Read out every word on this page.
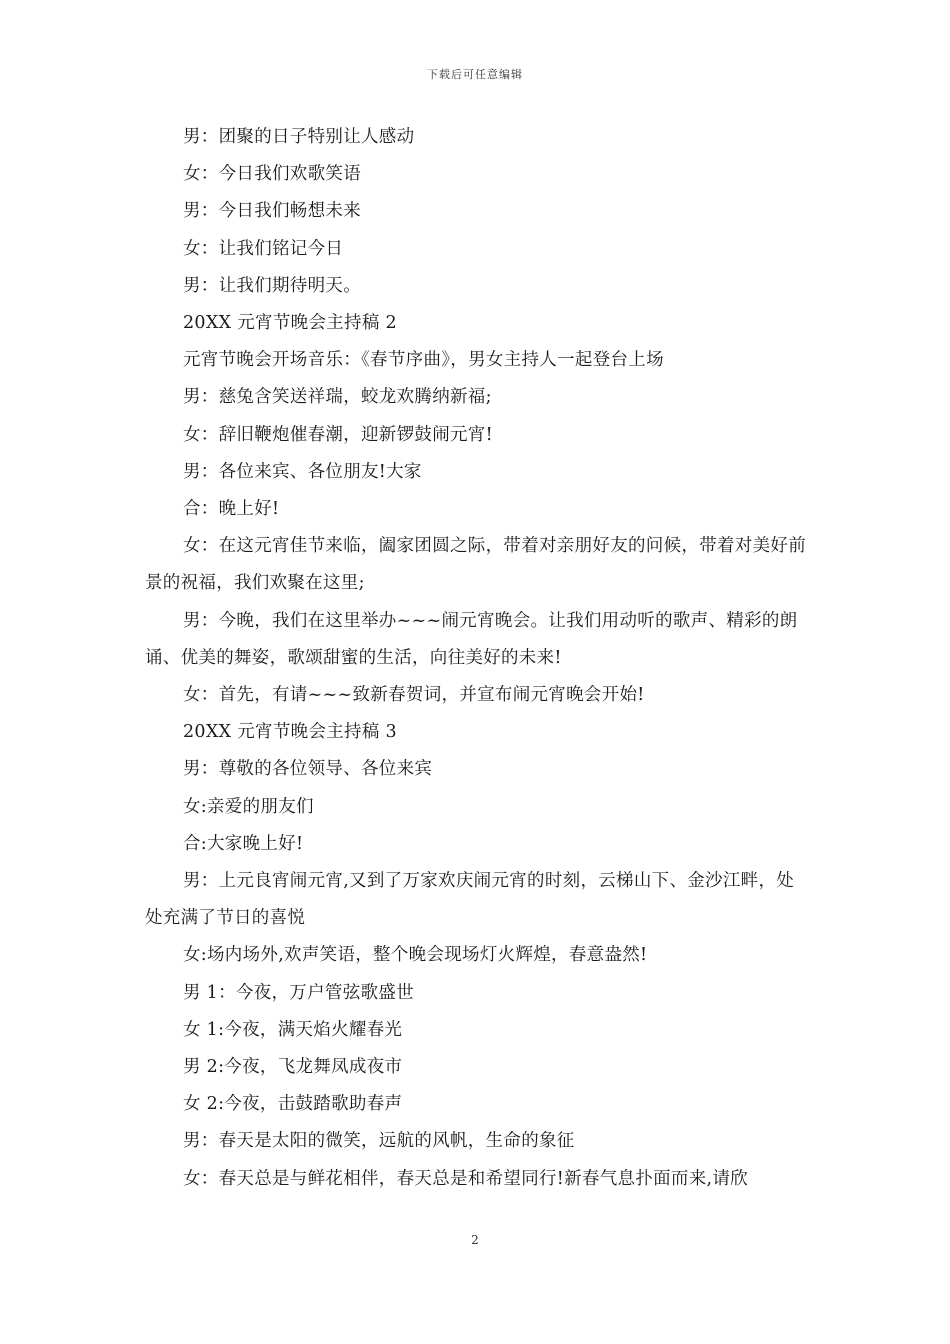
下载后可任意编辑

男：团聚的日子特别让人感动

女：今日我们欢歌笑语

男：今日我们畅想未来

女：让我们铭记今日

男：让我们期待明天。

20XX 元宵节晚会主持稿 2

元宵节晚会开场音乐：《春节序曲》，男女主持人一起登台上场

男：慈兔含笑送祥瑞，蛟龙欢腾纳新福;

女：辞旧鞭炮催春潮，迎新锣鼓闹元宵!

男：各位来宾、各位朋友!大家

合：晚上好!

女：在这元宵佳节来临，阖家团圆之际，带着对亲朋好友的问候，带着对美好前景的祝福，我们欢聚在这里;

男：今晚，我们在这里举办~~~闹元宵晚会。让我们用动听的歌声、精彩的朗诵、优美的舞姿，歌颂甜蜜的生活，向往美好的未来!

女：首先，有请~~~致新春贺词，并宣布闹元宵晚会开始!

20XX 元宵节晚会主持稿 3

男：尊敬的各位领导、各位来宾

女:亲爱的朋友们

合:大家晚上好!

男：上元良宵闹元宵,又到了万家欢庆闹元宵的时刻，云梯山下、金沙江畔，处处充满了节日的喜悦

女:场内场外,欢声笑语，整个晚会现场灯火辉煌，春意盎然!

男 1：今夜，万户管弦歌盛世

女 1:今夜，满天焰火耀春光

男 2:今夜，飞龙舞凤成夜市

女 2:今夜，击鼓踏歌助春声

男：春天是太阳的微笑，远航的风帆，生命的象征

女：春天总是与鲜花相伴，春天总是和希望同行!新春气息扑面而来,请欣

2
